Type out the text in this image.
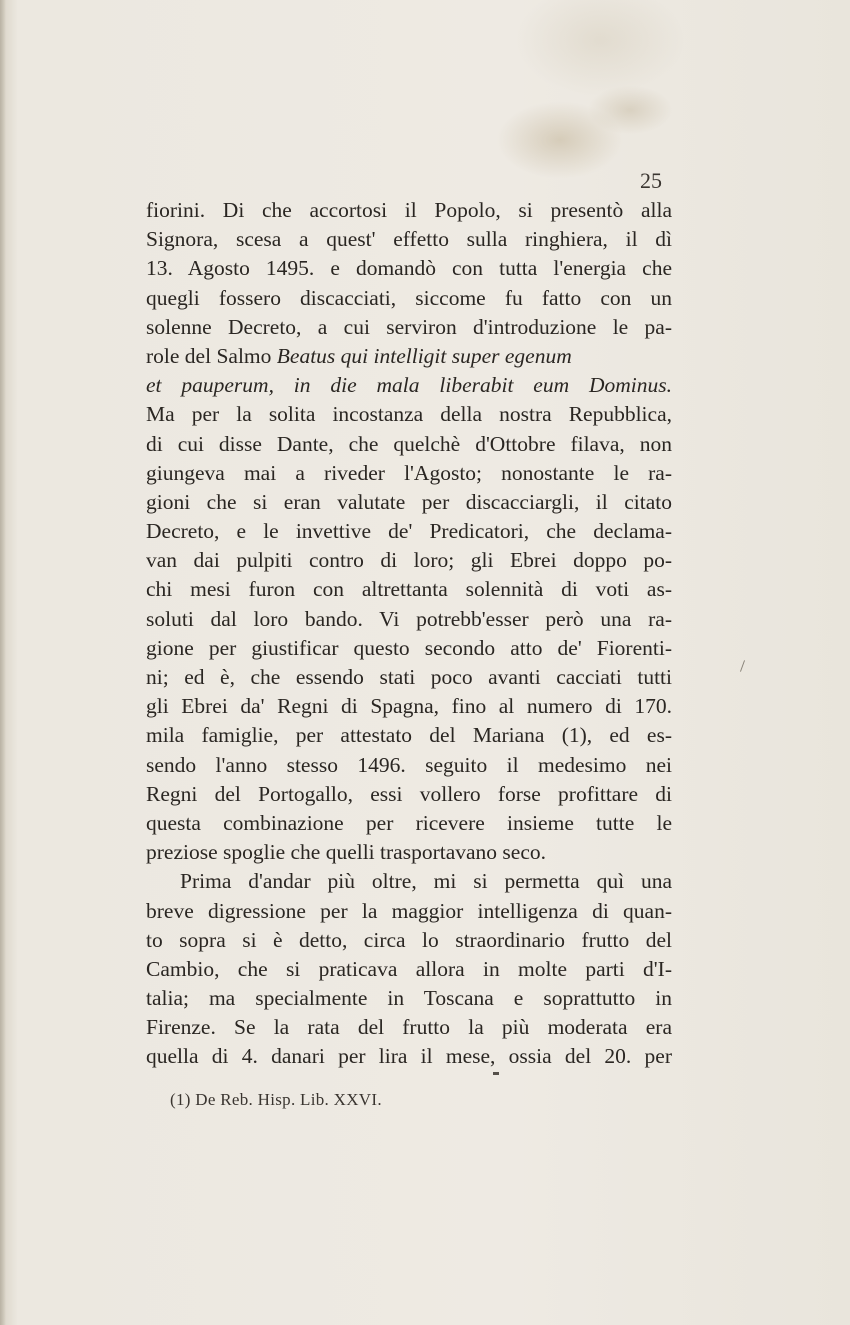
25
fiorini. Di che accortosi il Popolo, si presentò alla
Signora, scesa a quest' effetto sulla ringhiera, il dì
13. Agosto 1495. e domandò con tutta l'energia che
quegli fossero discacciati, siccome fu fatto con un
solenne Decreto, a cui serviron d'introduzione le pa-
role del Salmo Beatus qui intelligit super egenum
et pauperum, in die mala liberabit eum Dominus.
Ma per la solita incostanza della nostra Repubblica,
di cui disse Dante, che quelchè d'Ottobre filava, non
giungeva mai a riveder l'Agosto; nonostante le ra-
gioni che si eran valutate per discacciargli, il citato
Decreto, e le invettive de' Predicatori, che declama-
van dai pulpiti contro di loro; gli Ebrei doppo po-
chi mesi furon con altrettanta solennità di voti as-
soluti dal loro bando. Vi potrebb'esser però una ra-
gione per giustificar questo secondo atto de' Fiorenti-
ni; ed è, che essendo stati poco avanti cacciati tutti
gli Ebrei da' Regni di Spagna, fino al numero di 170.
mila famiglie, per attestato del Mariana (1), ed es-
sendo l'anno stesso 1496. seguito il medesimo nei
Regni del Portogallo, essi vollero forse profittare di
questa combinazione per ricevere insieme tutte le
preziose spoglie che quelli trasportavano seco.
Prima d'andar più oltre, mi si permetta quì una
breve digressione per la maggior intelligenza di quan-
to sopra si è detto, circa lo straordinario frutto del
Cambio, che si praticava allora in molte parti d'I-
talia; ma specialmente in Toscana e soprattutto in
Firenze. Se la rata del frutto la più moderata era
quella di 4. danari per lira il mese, ossia del 20. per
(1) De Reb. Hisp. Lib. XXVI.
